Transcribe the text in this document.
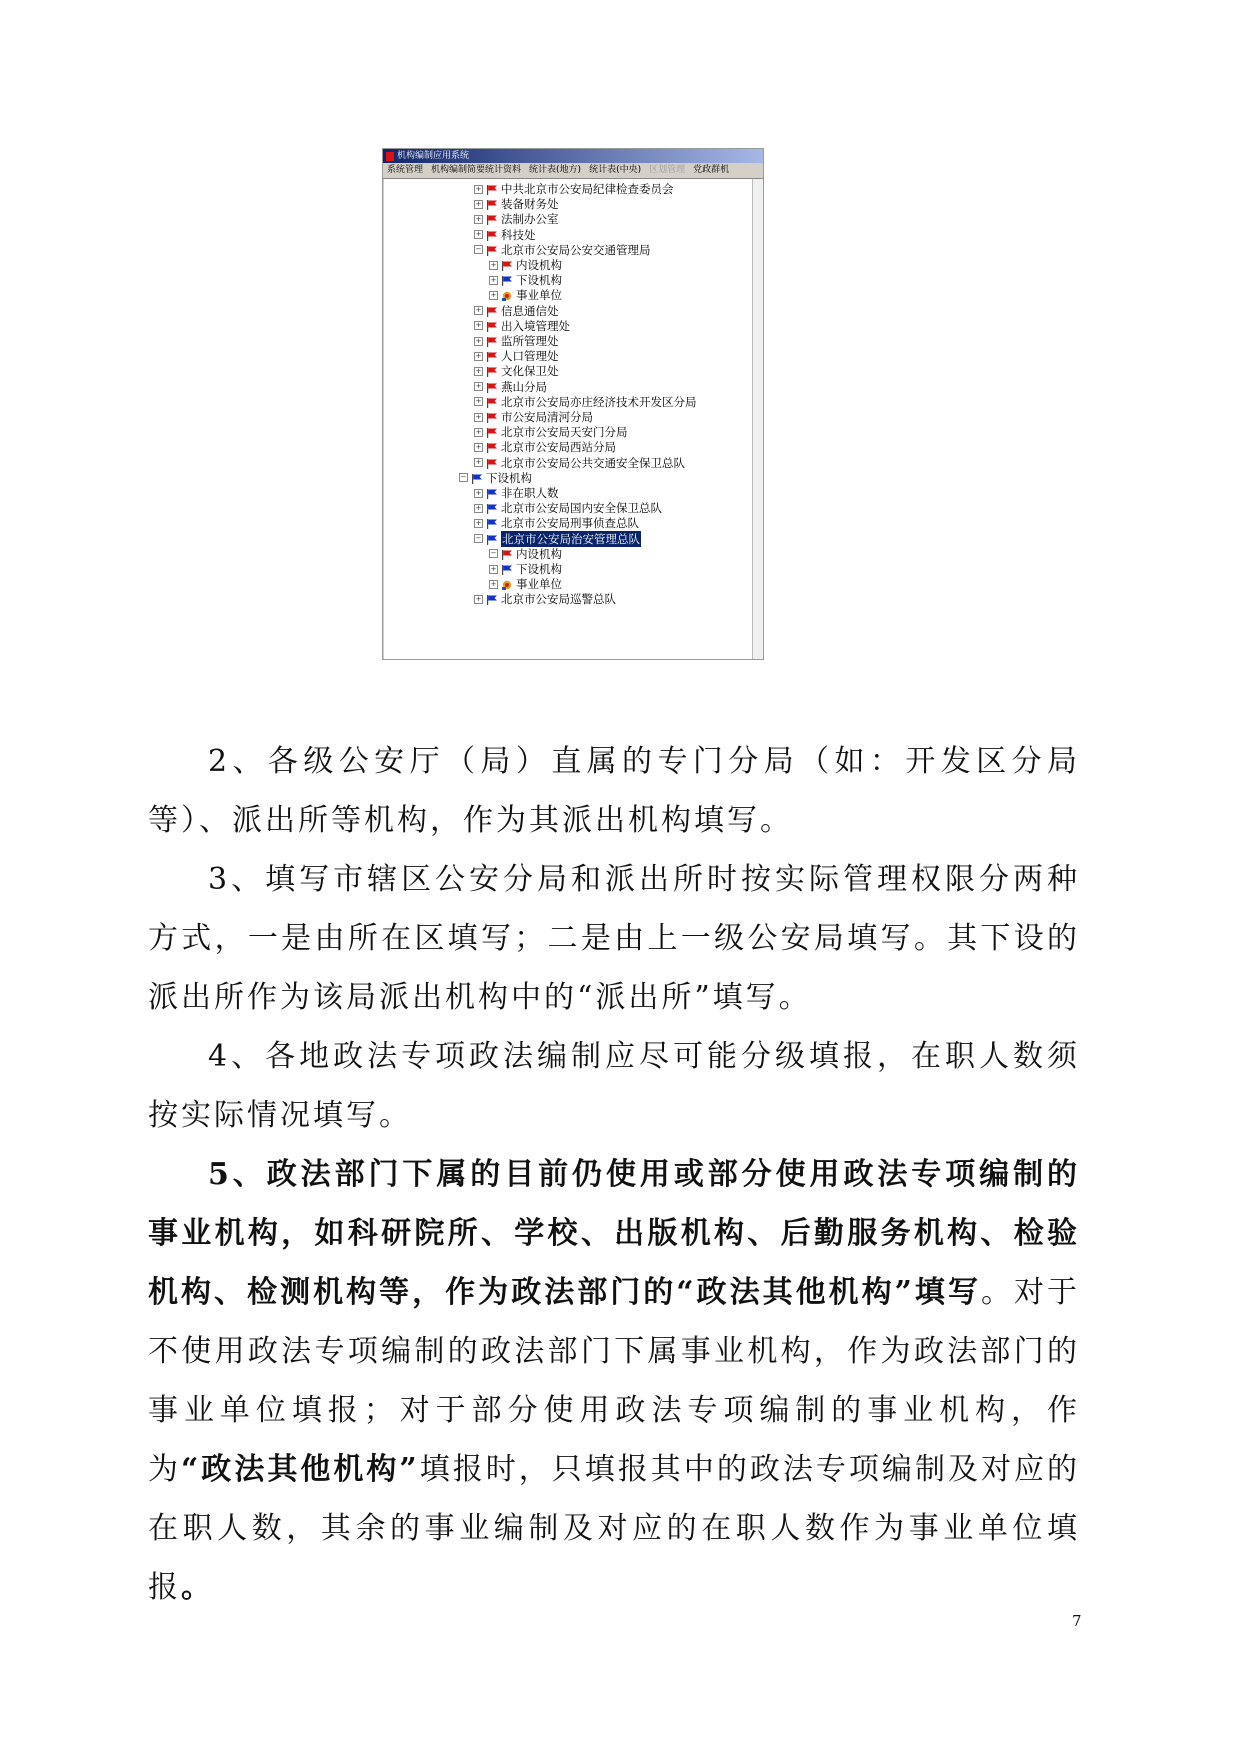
机构编制应用系统
系统管理 机构编制简要统计资料 统计表(地方) 统计表(中央) 区划管理 党政群机
+ 中共北京市公安局纪律检查委员会
+ 装备财务处
+ 法制办公室
+ 科技处
− 北京市公安局公安交通管理局
+ 内设机构
+ 下设机构
+ 事业单位
+ 信息通信处
+ 出入境管理处
+ 监所管理处
+ 人口管理处
+ 文化保卫处
+ 燕山分局
+ 北京市公安局亦庄经济技术开发区分局
+ 市公安局清河分局
+ 北京市公安局天安门分局
+ 北京市公安局西站分局
+ 北京市公安局公共交通安全保卫总队
− 下设机构
+ 非在职人数
+ 北京市公安局国内安全保卫总队
+ 北京市公安局刑事侦查总队
− 北京市公安局治安管理总队
− 内设机构
+ 下设机构
+ 事业单位
+ 北京市公安局巡警总队
2、各级公安厅（局）直属的专门分局（如：开发区分局等）、派出所等机构，作为其派出机构填写。
3、填写市辖区公安分局和派出所时按实际管理权限分两种方式，一是由所在区填写；二是由上一级公安局填写。其下设的派出所作为该局派出机构中的“派出所”填写。
4、各地政法专项政法编制应尽可能分级填报，在职人数须按实际情况填写。
5、政法部门下属的目前仍使用或部分使用政法专项编制的事业机构，如科研院所、学校、出版机构、后勤服务机构、检验机构、检测机构等，作为政法部门的“政法其他机构”填写。对于不使用政法专项编制的政法部门下属事业机构，作为政法部门的事业单位填报；对于部分使用政法专项编制的事业机构，作为“政法其他机构”填报时，只填报其中的政法专项编制及对应的在职人数，其余的事业编制及对应的在职人数作为事业单位填报。
7
